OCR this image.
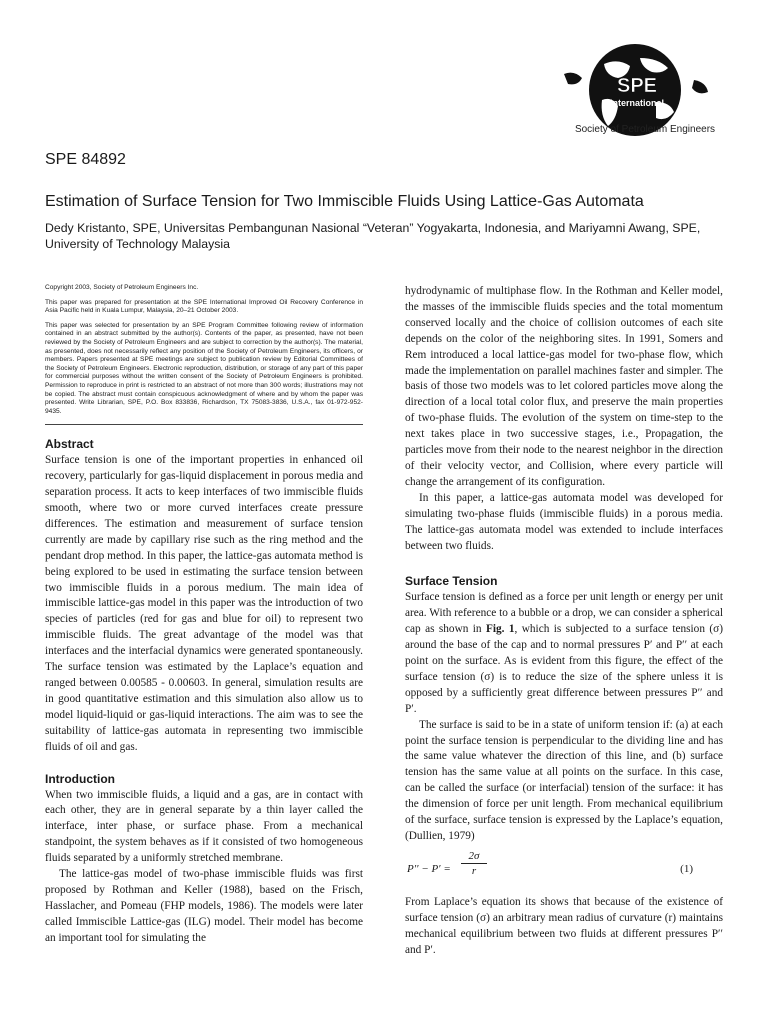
SPE
International
Society of Petroleum Engineers
SPE 84892
Estimation of Surface Tension for Two Immiscible Fluids Using Lattice-Gas Automata
Dedy Kristanto, SPE, Universitas Pembangunan Nasional “Veteran” Yogyakarta, Indonesia, and Mariyamni Awang, SPE, University of Technology Malaysia

Copyright 2003, Society of Petroleum Engineers Inc.

This paper was prepared for presentation at the SPE International Improved Oil Recovery Conference in Asia Pacific held in Kuala Lumpur, Malaysia, 20–21 October 2003.

This paper was selected for presentation by an SPE Program Committee following review of information contained in an abstract submitted by the author(s). Contents of the paper, as presented, have not been reviewed by the Society of Petroleum Engineers and are subject to correction by the author(s). The material, as presented, does not necessarily reflect any position of the Society of Petroleum Engineers, its officers, or members. Papers presented at SPE meetings are subject to publication review by Editorial Committees of the Society of Petroleum Engineers. Electronic reproduction, distribution, or storage of any part of this paper for commercial purposes without the written consent of the Society of Petroleum Engineers is prohibited. Permission to reproduce in print is restricted to an abstract of not more than 300 words; illustrations may not be copied. The abstract must contain conspicuous acknowledgment of where and by whom the paper was presented. Write Librarian, SPE, P.O. Box 833836, Richardson, TX 75083-3836, U.S.A., fax 01-972-952-9435.

Abstract

Surface tension is one of the important properties in enhanced oil recovery, particularly for gas-liquid displacement in porous media and separation process. It acts to keep interfaces of two immiscible fluids smooth, where two or more curved interfaces create pressure differences. The estimation and measurement of surface tension currently are made by capillary rise such as the ring method and the pendant drop method. In this paper, the lattice-gas automata method is being explored to be used in estimating the surface tension between two immiscible fluids in a porous medium. The main idea of immiscible lattice-gas model in this paper was the introduction of two species of particles (red for gas and blue for oil) to represent two immiscible fluids. The great advantage of the model was that interfaces and the interfacial dynamics were generated spontaneously. The surface tension was estimated by the Laplace’s equation and ranged between 0.00585 - 0.00603. In general, simulation results are in good quantitative estimation and this simulation also allow us to model liquid-liquid or gas-liquid interactions. The aim was to see the suitability of lattice-gas automata in representing two immiscible fluids of oil and gas.

Introduction

When two immiscible fluids, a liquid and a gas, are in contact with each other, they are in general separate by a thin layer called the interface, inter phase, or surface phase. From a mechanical standpoint, the system behaves as if it consisted of two homogeneous fluids separated by a uniformly stretched membrane.

The lattice-gas model of two-phase immiscible fluids was first proposed by Rothman and Keller (1988), based on the Frisch, Hasslacher, and Pomeau (FHP models, 1986). The models were later called Immiscible Lattice-gas (ILG) model. Their model has become an important tool for simulating the

hydrodynamic of multiphase flow. In the Rothman and Keller model, the masses of the immiscible fluids species and the total momentum conserved locally and the choice of collision outcomes of each site depends on the color of the neighboring sites. In 1991, Somers and Rem introduced a local lattice-gas model for two-phase flow, which made the implementation on parallel machines faster and simpler. The basis of those two models was to let colored particles move along the direction of a local total color flux, and preserve the main properties of two-phase fluids. The evolution of the system on time-step to the next takes place in two successive stages, i.e., Propagation, the particles move from their node to the nearest neighbor in the direction of their velocity vector, and Collision, where every particle will change the arrangement of its configuration.

In this paper, a lattice-gas automata model was developed for simulating two-phase fluids (immiscible fluids) in a porous media. The lattice-gas automata model was extended to include interfaces between two fluids.

Surface Tension

Surface tension is defined as a force per unit length or energy per unit area. With reference to a bubble or a drop, we can consider a spherical cap as shown in Fig. 1, which is subjected to a surface tension (σ) around the base of the cap and to normal pressures P′ and P′′ at each point on the surface. As is evident from this figure, the effect of the surface tension (σ) is to reduce the size of the sphere unless it is opposed by a sufficiently great difference between pressures P′′ and P′.

The surface is said to be in a state of uniform tension if: (a) at each point the surface tension is perpendicular to the dividing line and has the same value whatever the direction of this line, and (b) surface tension has the same value at all points on the surface. In this case, can be called the surface (or interfacial) tension of the surface: it has the dimension of force per unit length. From mechanical equilibrium of the surface, surface tension is expressed by the Laplace’s equation, (Dullien, 1979)

$P'' - P' = \frac{2\sigma}{r}$	(1)

From Laplace’s equation its shows that because of the existence of surface tension (σ) an arbitrary mean radius of curvature (r) maintains mechanical equilibrium between two fluids at different pressures P′′ and P′.
